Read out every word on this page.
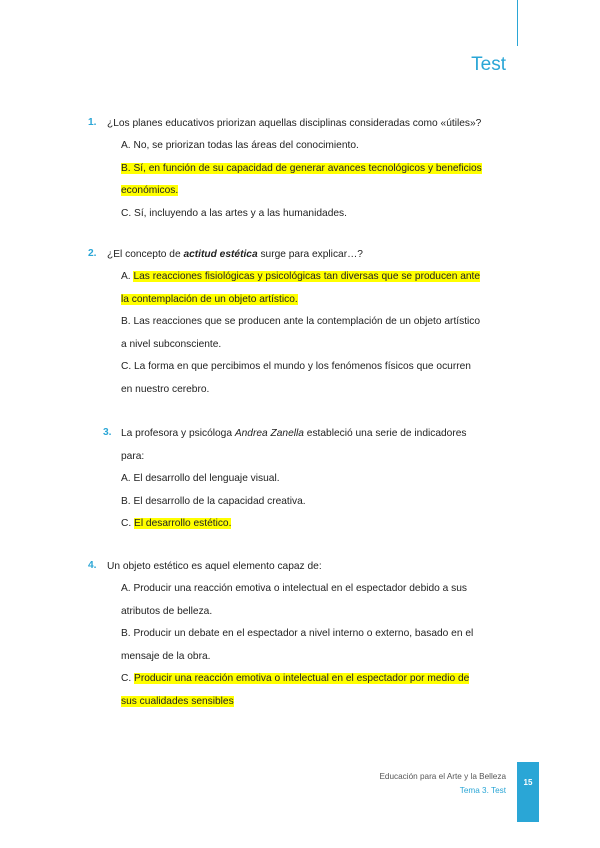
Test
1. ¿Los planes educativos priorizan aquellas disciplinas consideradas como «útiles»?
A. No, se priorizan todas las áreas del conocimiento.
B. Sí, en función de su capacidad de generar avances tecnológicos y beneficios
económicos.
C. Sí, incluyendo a las artes y a las humanidades.
2. ¿El concepto de actitud estética surge para explicar…?
A. Las reacciones fisiológicas y psicológicas tan diversas que se producen ante
la contemplación de un objeto artístico.
B. Las reacciones que se producen ante la contemplación de un objeto artístico
a nivel subconsciente.
C. La forma en que percibimos el mundo y los fenómenos físicos que ocurren
en nuestro cerebro.
3. La profesora y psicóloga Andrea Zanella estableció una serie de indicadores
para:
A. El desarrollo del lenguaje visual.
B. El desarrollo de la capacidad creativa.
C. El desarrollo estético.
4. Un objeto estético es aquel elemento capaz de:
A. Producir una reacción emotiva o intelectual en el espectador debido a sus
atributos de belleza.
B. Producir un debate en el espectador a nivel interno o externo, basado en el
mensaje de la obra.
C. Producir una reacción emotiva o intelectual en el espectador por medio de
sus cualidades sensibles
Educación para el Arte y la Belleza
Tema 3. Test
15
